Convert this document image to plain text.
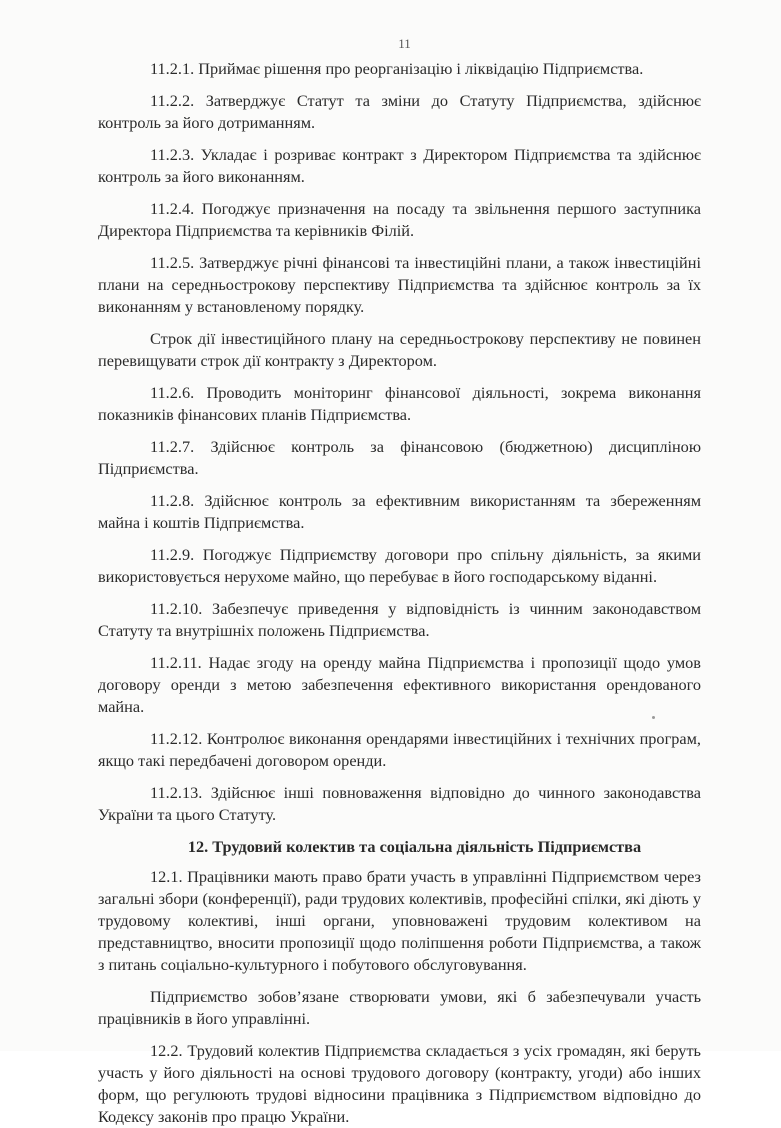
11

11.2.1. Приймає рішення про реорганізацію і ліквідацію Підприємства.

11.2.2. Затверджує Статут та зміни до Статуту Підприємства, здійснює контроль за його дотриманням.

11.2.3. Укладає і розриває контракт з Директором Підприємства та здійснює контроль за його виконанням.

11.2.4. Погоджує призначення на посаду та звільнення першого заступника Директора Підприємства та керівників Філій.

11.2.5. Затверджує річні фінансові та інвестиційні плани, а також інвестиційні плани на середньострокову перспективу Підприємства та здійснює контроль за їх виконанням у встановленому порядку.

Строк дії інвестиційного плану на середньострокову перспективу не повинен перевищувати строк дії контракту з Директором.

11.2.6. Проводить моніторинг фінансової діяльності, зокрема виконання показників фінансових планів Підприємства.

11.2.7. Здійснює контроль за фінансовою (бюджетною) дисципліною Підприємства.

11.2.8. Здійснює контроль за ефективним використанням та збереженням майна і коштів Підприємства.

11.2.9. Погоджує Підприємству договори про спільну діяльність, за якими використовується нерухоме майно, що перебуває в його господарському віданні.

11.2.10. Забезпечує приведення у відповідність із чинним законодавством Статуту та внутрішніх положень Підприємства.

11.2.11. Надає згоду на оренду майна Підприємства і пропозиції щодо умов договору оренди з метою забезпечення ефективного використання орендованого майна.

11.2.12. Контролює виконання орендарями інвестиційних і технічних програм, якщо такі передбачені договором оренди.

11.2.13. Здійснює інші повноваження відповідно до чинного законодавства України та цього Статуту.

12. Трудовий колектив та соціальна діяльність Підприємства

12.1. Працівники мають право брати участь в управлінні Підприємством через загальні збори (конференції), ради трудових колективів, професійні спілки, які діють у трудовому колективі, інші органи, уповноважені трудовим колективом на представництво, вносити пропозиції щодо поліпшення роботи Підприємства, а також з питань соціально-культурного і побутового обслуговування.

Підприємство зобов’язане створювати умови, які б забезпечували участь працівників в його управлінні.

12.2. Трудовий колектив Підприємства складається з усіх громадян, які беруть участь у його діяльності на основі трудового договору (контракту, угоди) або інших форм, що регулюють трудові відносини працівника з Підприємством відповідно до Кодексу законів про працю України.
